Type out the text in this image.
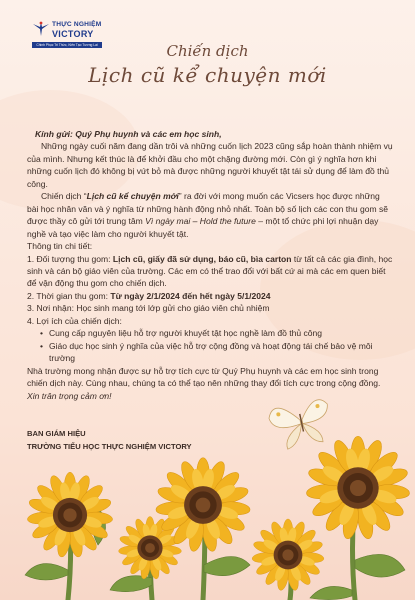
THỰC NGHIỆM
VICTORY
Chinh Phục Tri Thức, Kiến Tạo Tương Lai	Chiến dịch
Lịch cũ kể chuyện mới

Kính gửi: Quý Phụ huynh và các em học sinh,

Những ngày cuối năm đang dần trôi và những cuốn lịch 2023 cũng sắp hoàn thành nhiệm vụ của mình. Nhưng kết thúc là để khởi đầu cho một chặng đường mới. Còn gì ý nghĩa hơn khi những cuốn lịch đó không bị vứt bỏ mà được những người khuyết tật tái sử dụng để làm đồ thủ công.

Chiến dịch “Lịch cũ kể chuyện mới” ra đời với mong muốn các Vicsers học được những bài học nhân văn và ý nghĩa từ những hành động nhỏ nhất. Toàn bộ số lịch các con thu gom sẽ được thầy cô gửi tới trung tâm Vì ngày mai – Hold the future – một tổ chức phi lợi nhuận dạy nghề và tạo việc làm cho người khuyết tật.

Thông tin chi tiết:

1. Đối tượng thu gom: Lịch cũ, giấy đã sử dụng, báo cũ, bìa carton từ tất cả các gia đình, học sinh và cán bộ giáo viên của trường. Các em có thể trao đổi với bất cứ ai mà các em quen biết để vận động thu gom cho chiến dịch.

2. Thời gian thu gom: Từ ngày 2/1/2024 đến hết ngày 5/1/2024

3. Nơi nhận: Học sinh mang tới lớp gửi cho giáo viên chủ nhiệm

4. Lợi ích của chiến dịch:

• Cung cấp nguyên liệu hỗ trợ người khuyết tật học nghề làm đồ thủ công
• Giáo dục học sinh ý nghĩa của việc hỗ trợ cộng đồng và hoạt động tái chế bảo vệ môi trường

Nhà trường mong nhận được sự hỗ trợ tích cực từ Quý Phụ huynh và các em học sinh trong chiến dịch này. Cùng nhau, chúng ta có thể tạo nên những thay đổi tích cực trong cộng đồng.

Xin trân trọng cảm ơn!

BAN GIÁM HIỆU
TRƯỜNG TIỂU HỌC THỰC NGHIỆM VICTORY
